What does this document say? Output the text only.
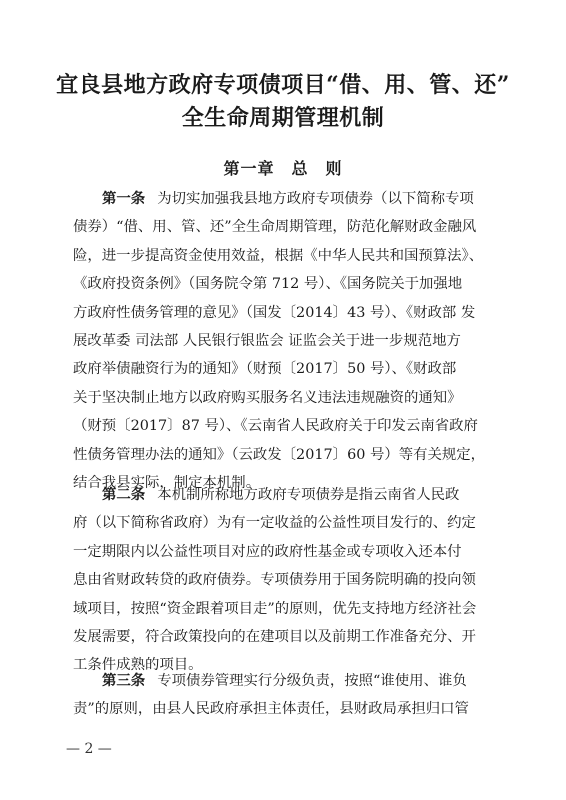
宜良县地方政府专项债项目“借、用、管、还”
全生命周期管理机制
第一章　总　则
第一条 为切实加强我县地方政府专项债券（以下简称专项
债券）“借、用、管、还”全生命周期管理，防范化解财政金融风
险，进一步提高资金使用效益，根据《中华人民共和国预算法》、
《政府投资条例》（国务院令第 712 号）、《国务院关于加强地
方政府性债务管理的意见》（国发〔2014〕43 号）、《财政部 发
展改革委 司法部 人民银行银监会 证监会关于进一步规范地方
政府举债融资行为的通知》（财预〔2017〕50 号）、《财政部
关于坚决制止地方以政府购买服务名义违法违规融资的通知》
（财预〔2017〕87 号）、《云南省人民政府关于印发云南省政府
性债务管理办法的通知》（云政发〔2017〕60 号）等有关规定，
结合我县实际，制定本机制。
第二条 本机制所称地方政府专项债券是指云南省人民政
府（以下简称省政府）为有一定收益的公益性项目发行的、约定
一定期限内以公益性项目对应的政府性基金或专项收入还本付
息由省财政转贷的政府债券。专项债券用于国务院明确的投向领
域项目，按照“资金跟着项目走”的原则，优先支持地方经济社会
发展需要，符合政策投向的在建项目以及前期工作准备充分、开
工条件成熟的项目。
第三条 专项债券管理实行分级负责，按照“谁使用、谁负
责”的原则，由县人民政府承担主体责任，县财政局承担归口管
— 2 —
